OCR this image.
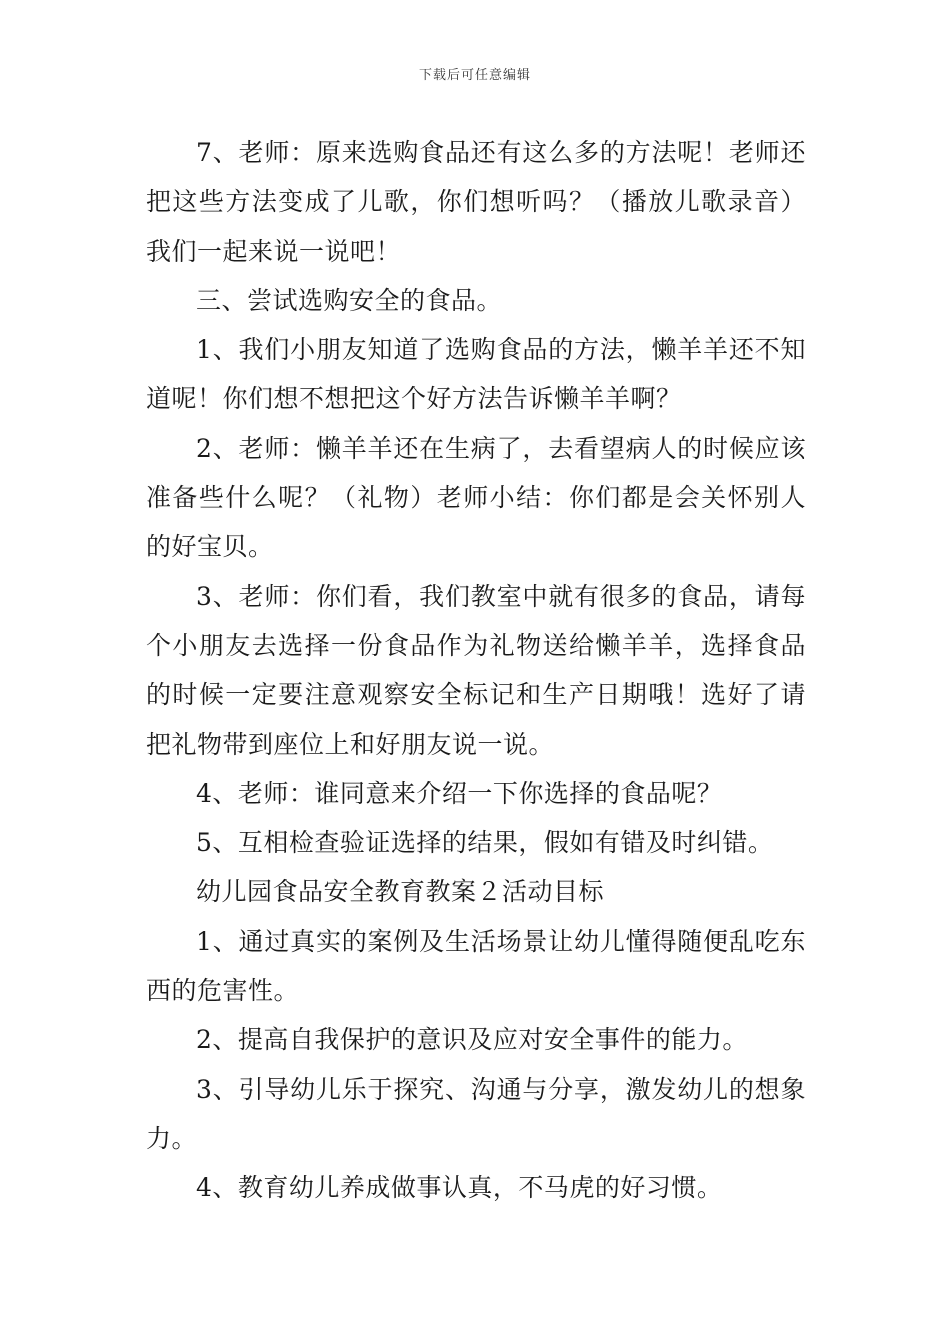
下载后可任意编辑

7、老师：原来选购食品还有这么多的方法呢！老师还把这些方法变成了儿歌，你们想听吗？（播放儿歌录音）我们一起来说一说吧！

三、尝试选购安全的食品。

1、我们小朋友知道了选购食品的方法，懒羊羊还不知道呢！你们想不想把这个好方法告诉懒羊羊啊？

2、老师：懒羊羊还在生病了，去看望病人的时候应该准备些什么呢？（礼物）老师小结：你们都是会关怀别人的好宝贝。

3、老师：你们看，我们教室中就有很多的食品，请每个小朋友去选择一份食品作为礼物送给懒羊羊，选择食品的时候一定要注意观察安全标记和生产日期哦！选好了请把礼物带到座位上和好朋友说一说。

4、老师：谁同意来介绍一下你选择的食品呢？

5、互相检查验证选择的结果，假如有错及时纠错。

幼儿园食品安全教育教案２活动目标

1、通过真实的案例及生活场景让幼儿懂得随便乱吃东西的危害性。

2、提高自我保护的意识及应对安全事件的能力。

3、引导幼儿乐于探究、沟通与分享，激发幼儿的想象力。

4、教育幼儿养成做事认真，不马虎的好习惯。
